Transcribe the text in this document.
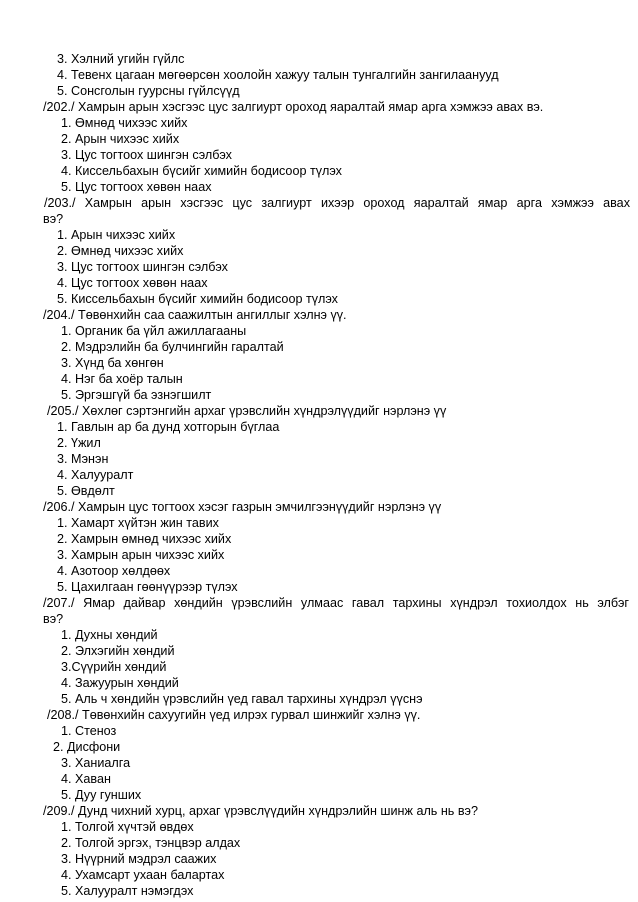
3. Хэлний угийн гүйлс
4. Тевенх цагаан мөгөөрсөн хоолойн хажуу талын тунгалгийн зангилаанууд
5. Сонсголын гуурсны гүйлсүүд
/202./ Хамрын арын хэсгээс цус залгиурт ороход яаралтай ямар арга хэмжээ авах вэ.
1. Өмнөд чихээс хийх
2. Арын чихээс хийх
3. Цус тогтоох шингэн сэлбэх
4. Киссельбахын бүсийг химийн бодисоор түлэх
5. Цус тогтоох хөвөн наах
/203./ Хамрын арын хэсгээс цус залгиурт ихээр ороход яаралтай ямар арга хэмжээ авах
вэ?
1. Арын чихээс хийх
2. Өмнөд чихээс хийх
3. Цус тогтоох шингэн сэлбэх
4. Цус тогтоох хөвөн наах
5. Киссельбахын бүсийг химийн бодисоор түлэх
/204./ Төвөнхийн саа саажилтын ангиллыг хэлнэ үү.
1. Органик ба үйл ажиллагааны
2. Мэдрэлийн ба булчингийн гаралтай
3. Хүнд ба хөнгөн
4. Нэг ба хоёр талын
5. Эргэшгүй ба эзнэгшилт
/205./ Хөхлөг сэртэнгийн архаг үрэвслийн хүндрэлүүдийг нэрлэнэ үү
1. Гавлын ар ба дунд хотгорын бүглаа
2. Үжил
3. Мэнэн
4. Халууралт
5. Өвдөлт
/206./ Хамрын цус тогтоох хэсэг газрын эмчилгээнүүдийг нэрлэнэ үү
1. Хамарт хүйтэн жин тавих
2. Хамрын өмнөд чихээс хийх
3. Хамрын арын чихээс хийх
4. Азотоор хөлдөөх
5. Цахилгаан гөөнүүрээр түлэх
/207./ Ямар дайвар хөндийн үрэвслийн улмаас гавал тархины хүндрэл тохиолдох нь элбэг
вэ?
1. Духны хөндий
2. Элхэгийн хөндий
3.Сүүрийн хөндий
4. Зажуурын хөндий
5. Аль ч хөндийн үрэвслийн үед гавал тархины хүндрэл үүснэ
/208./ Төвөнхийн сахуугийн үед илрэх гурвал шинжийг хэлнэ үү.
1. Стеноз
2. Дисфони
3. Ханиалга
4. Хаван
5. Дуу гунших
/209./ Дунд чихний хурц, архаг үрэвслүүдийн хүндрэлийн шинж аль нь вэ?
1. Толгой хүчтэй өвдөх
2. Толгой эргэх, тэнцвэр алдах
3. Нүүрний мэдрэл саажих
4. Ухамсарт ухаан балартах
5. Халууралт нэмэгдэх
